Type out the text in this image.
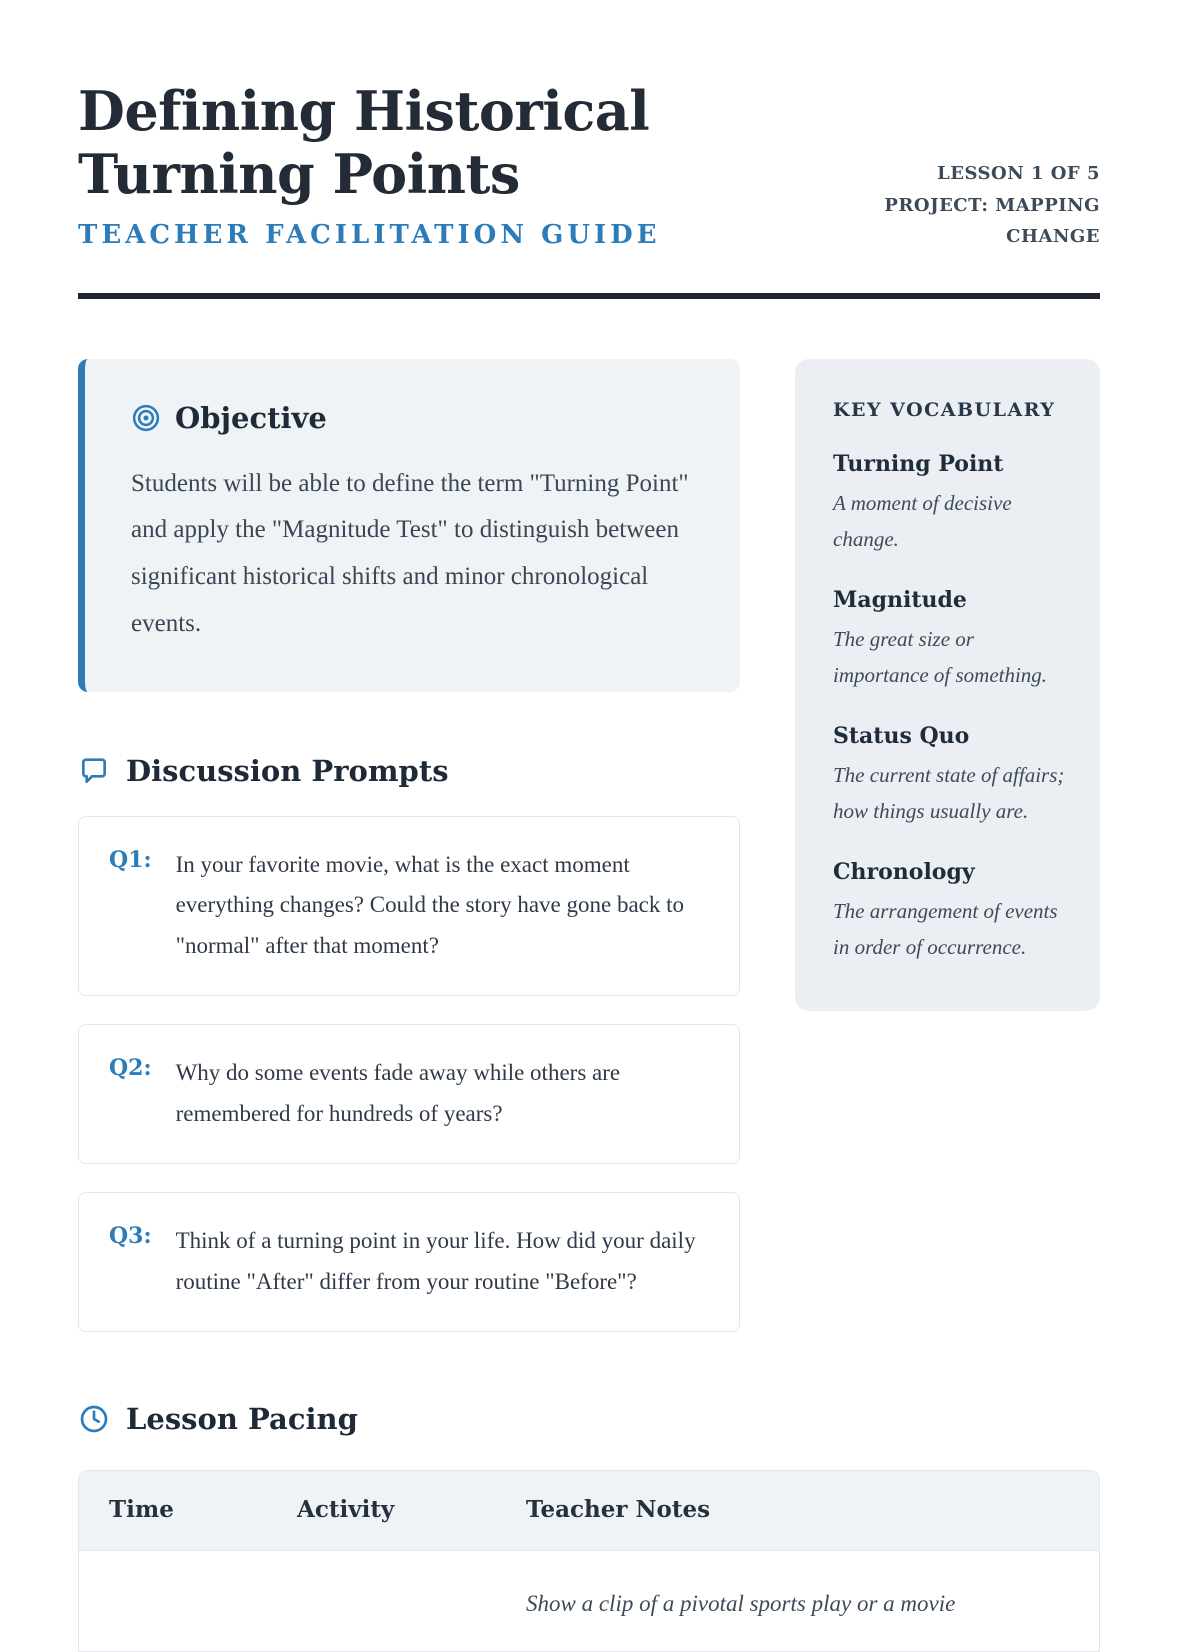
Defining Historical Turning Points
TEACHER FACILITATION GUIDE
LESSON 1 OF 5
PROJECT: MAPPING CHANGE
Objective

Students will be able to define the term "Turning Point" and apply the "Magnitude Test" to distinguish between significant historical shifts and minor chronological events.

Discussion Prompts
Q1: In your favorite movie, what is the exact moment everything changes? Could the story have gone back to "normal" after that moment?
Q2: Why do some events fade away while others are remembered for hundreds of years?
Q3: Think of a turning point in your life. How did your daily routine "After" differ from your routine "Before"?
KEY VOCABULARY
Turning Point
A moment of decisive change.
Magnitude
The great size or importance of something.
Status Quo
The current state of affairs; how things usually are.
Chronology
The arrangement of events in order of occurrence.
Lesson Pacing
Time	Activity	Teacher Notes
Show a clip of a pivotal sports play or a movie
